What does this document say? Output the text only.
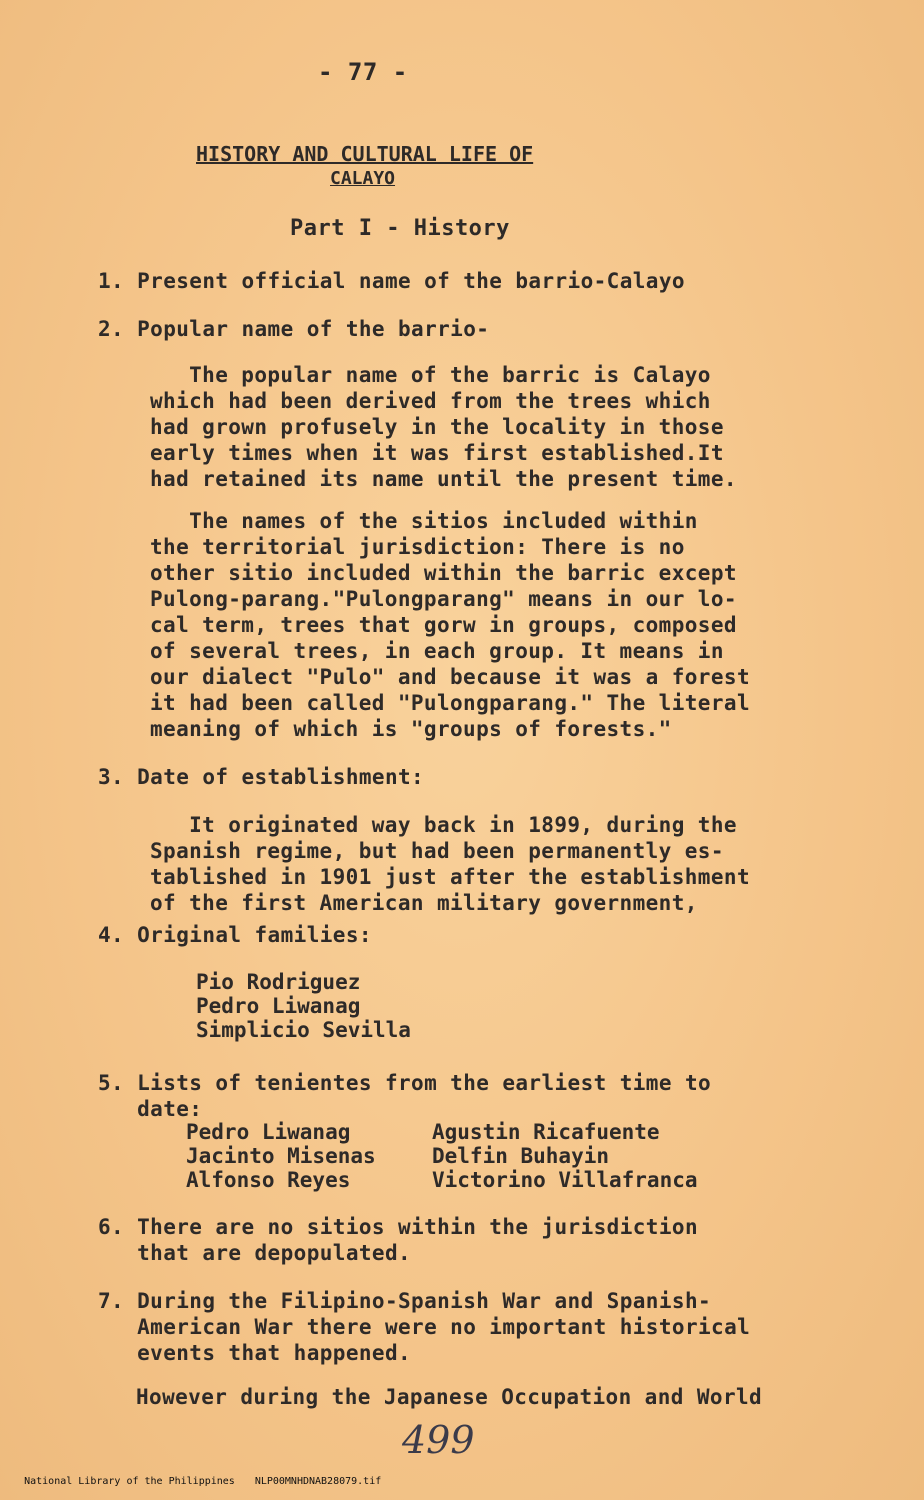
- 77 -
HISTORY AND CULTURAL LIFE OF
CALAYO
Part I - History
1. Present official name of the barrio-Calayo
2. Popular name of the barrio-
The popular name of the barric is Calayo
which had been derived from the trees which
had grown profusely in the locality in those
early times when it was first established.It
had retained its name until the present time.
The names of the sitios included within
the territorial jurisdiction: There is no
other sitio included within the barric except
Pulong-parang."Pulongparang" means in our lo-
cal term, trees that gorw in groups, composed
of several trees, in each group. It means in
our dialect "Pulo" and because it was a forest
it had been called "Pulongparang." The literal
meaning of which is "groups of forests."
3. Date of establishment:
It originated way back in 1899, during the
Spanish regime, but had been permanently es-
tablished in 1901 just after the establishment
of the first American military government,
4. Original families:
Pio Rodriguez
Pedro Liwanag
Simplicio Sevilla
5. Lists of tenientes from the earliest time to
date:
Pedro Liwanag
Jacinto Misenas
Alfonso Reyes
Agustin Ricafuente
Delfin Buhayin
Victorino Villafranca
6. There are no sitios within the jurisdiction
that are depopulated.
7. During the Filipino-Spanish War and Spanish-
American War there were no important historical
events that happened.
However during the Japanese Occupation and World
499

National Library of the Philippines NLP00MNHDNAB28079.tif
